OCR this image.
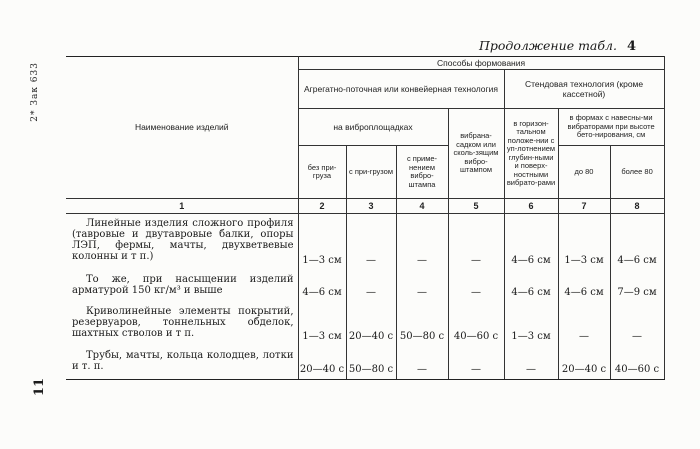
2* Зак 633
11
Продолжение табл. 4
Наименование изделий	Способы формования						
	Агрегатно-поточная или конвейерная технология				Стендовая технология (кроме кассетной)		
	на виброплощадках			вибрана-садком или сколь-зящим вибро-штампом	в горизон-тальном положе-нии с уп-лотнением глубин-ными и поверх-ностными вибрато-рами	в формах с навесны-ми вибраторами при высоте бето-нирования, см	
	без при-груза	с при-грузом	с приме-нением вибро-штампа			до 80	более 80
1	2	3	4	5	6	7	8

Линейные изделия сложного профиля (тавровые и двутавровые балки, опоры ЛЭП, фермы, мачты, двухветвевые колонны и т п.)	1—3 см	—	—	—	4—6 см	1—3 см	4—6 см

То же, при насыщении изделий арматурой 150 кг/м³ и выше	4—6 см	—	—	—	4—6 см	4—6 см	7—9 см

Криволинейные элементы покрытий, резервуаров, тоннельных обделок, шахтных стволов и т п.	1—3 см	20—40 с	50—80 с	40—60 с	1—3 см	—	—

Трубы, мачты, кольца колодцев, лотки и т. п.	20—40 с	50—80 с	—	—	—	20—40 с	40—60 с
